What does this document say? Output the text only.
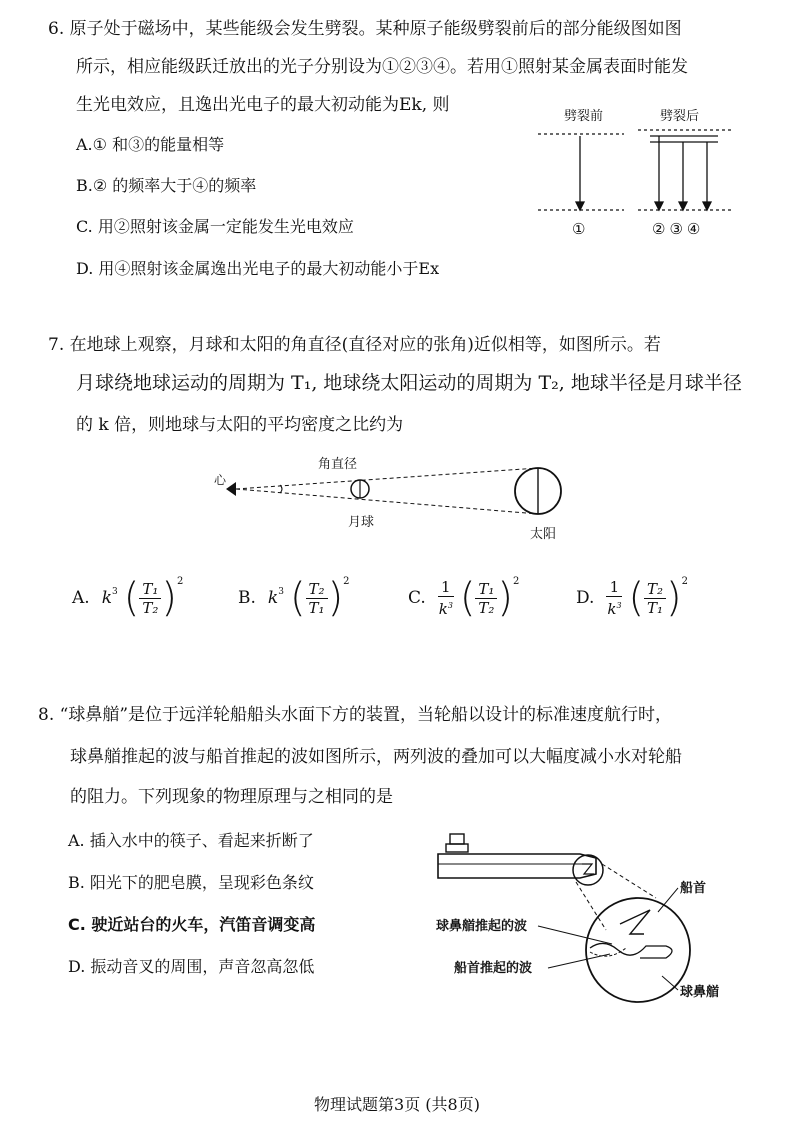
6. 原子处于磁场中，某些能级会发生劈裂。某种原子能级劈裂前后的部分能级图如图
所示，相应能级跃迁放出的光子分别设为①②③④。若用①照射某金属表面时能发
生光电效应，且逸出光电子的最大初动能为Ek, 则
A.① 和③的能量相等
B.② 的频率大于④的频率
C. 用②照射该金属一定能发生光电效应
D. 用④照射该金属逸出光电子的最大初动能小于Ex
劈裂前	劈裂后
①	②③④
7. 在地球上观察，月球和太阳的角直径(直径对应的张角)近似相等，如图所示。若
月球绕地球运动的周期为 T₁, 地球绕太阳运动的周期为 T₂, 地球半径是月球半径
的 k 倍，则地球与太阳的平均密度之比约为
心
角直径
月球
太阳
A. $k^3$ ( $\frac{\text{T₁}}{\text{T₂}} )^2$
B. $k^3$ ( $\frac{\text{T₂}}{\text{T₁}} )^2$
C. $\frac{1}{k^3}$ ( $\frac{\text{T₁}}{\text{T₂}} )^2$
D. $\frac{1}{k^3}$ ( $\frac{\text{T₂}}{\text{T₁}} )^2$
8. “球鼻艏”是位于远洋轮船船头水面下方的装置，当轮船以设计的标准速度航行时，
球鼻艏推起的波与船首推起的波如图所示，两列波的叠加可以大幅度减小水对轮船
的阻力。下列现象的物理原理与之相同的是
A. 插入水中的筷子、看起来折断了
B. 阳光下的肥皂膜，呈现彩色条纹
C. 驶近站台的火车，汽笛音调变高
D. 振动音叉的周围，声音忽高忽低
船首
球鼻艏推起的波
船首推起的波
球鼻艏
物理试题第3页 (共8页)
